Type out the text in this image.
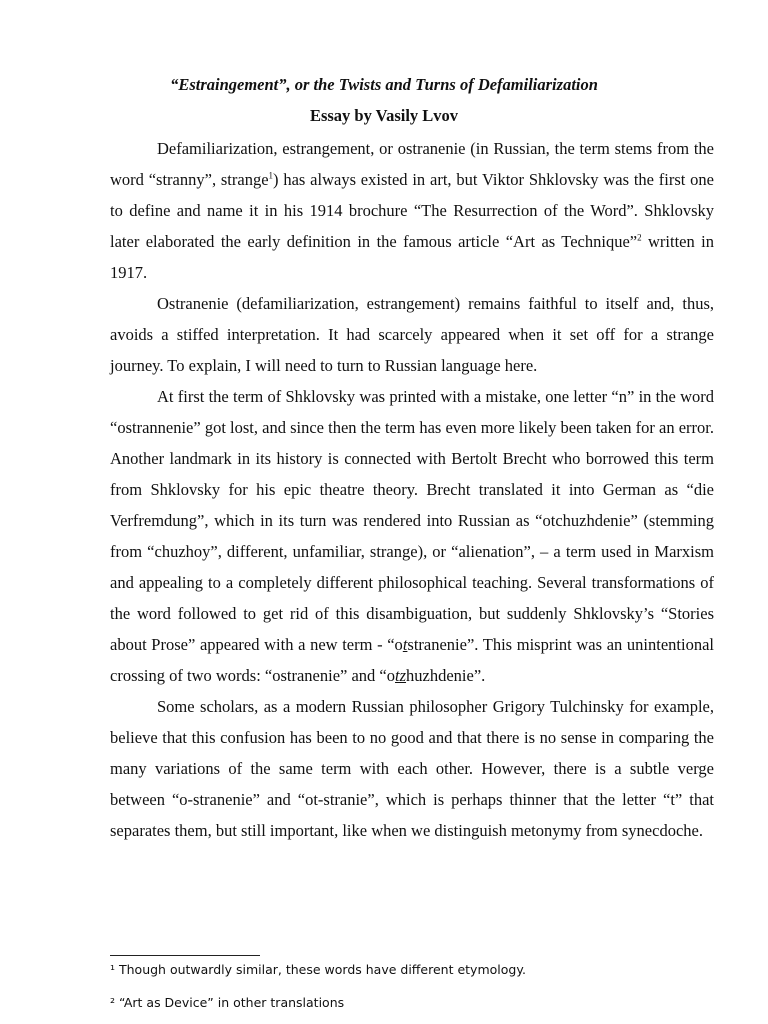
“Estraingement”, or the Twists and Turns of Defamiliarization
Essay by Vasily Lvov

Defamiliarization, estrangement, or ostranenie (in Russian, the term stems from the word “stranny”, strange$^1$) has always existed in art, but Viktor Shklovsky was the first one to define and name it in his 1914 brochure “The Resurrection of the Word”. Shklovsky later elaborated the early definition in the famous article “Art as Technique”$^2$ written in 1917.

Ostranenie (defamiliarization, estrangement) remains faithful to itself and, thus, avoids a stiffed interpretation. It had scarcely appeared when it set off for a strange journey. To explain, I will need to turn to Russian language here.

At first the term of Shklovsky was printed with a mistake, one letter “n” in the word “ostrannenie” got lost, and since then the term has even more likely been taken for an error. Another landmark in its history is connected with Bertolt Brecht who borrowed this term from Shklovsky for his epic theatre theory. Brecht translated it into German as “die Verfremdung”, which in its turn was rendered into Russian as “otchuzhdenie” (stemming from “chuzhoy”, different, unfamiliar, strange), or “alienation”, – a term used in Marxism and appealing to a completely different philosophical teaching. Several transformations of the word followed to get rid of this disambiguation, but suddenly Shklovsky’s “Stories about Prose” appeared with a new term - “otstranenie”. This misprint was an unintentional crossing of two words: “ostranenie” and “otzhuzhdenie”.

Some scholars, as a modern Russian philosopher Grigory Tulchinsky for example, believe that this confusion has been to no good and that there is no sense in comparing the many variations of the same term with each other. However, there is a subtle verge between “o-stranenie” and “ot-stranie”, which is perhaps thinner that the letter “t” that separates them, but still important, like when we distinguish metonymy from synecdoche.

¹ Though outwardly similar, these words have different etymology.
² “Art as Device” in other translations
